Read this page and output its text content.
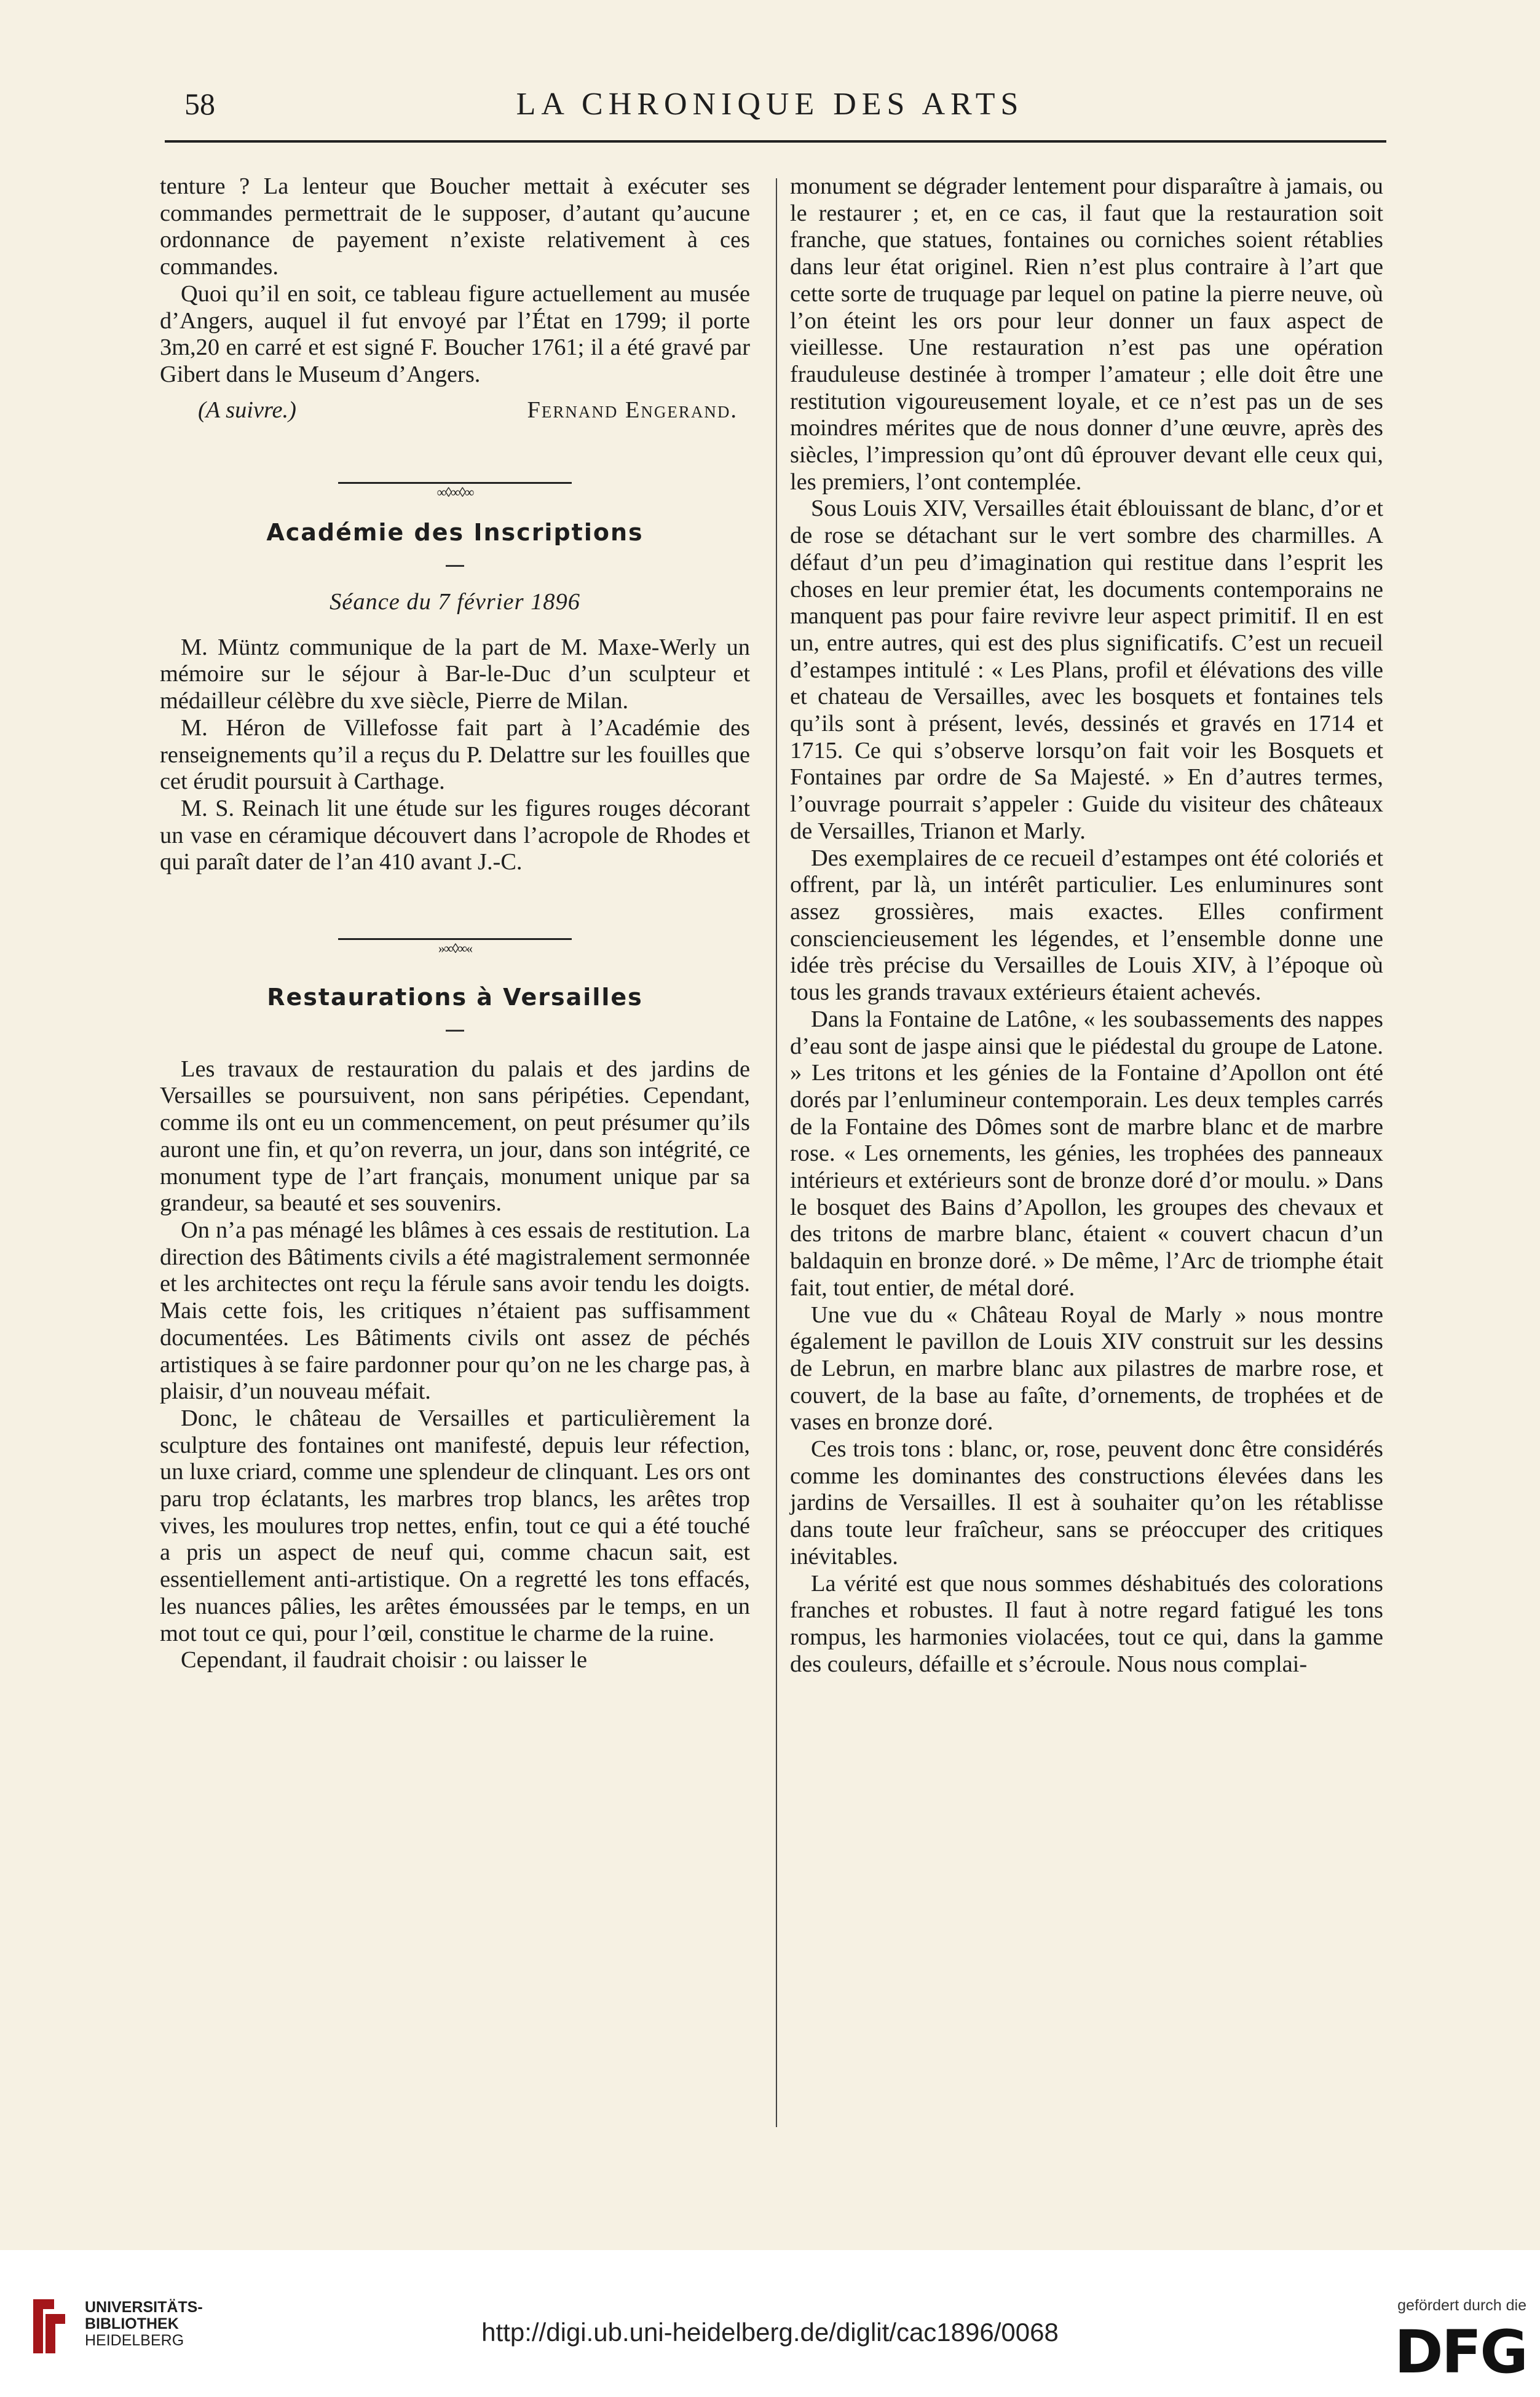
58	LA CHRONIQUE DES ARTS

tenture ? La lenteur que Boucher mettait à exécuter ses commandes permettrait de le supposer, d’autant qu’aucune ordonnance de payement n’existe relativement à ces commandes.

Quoi qu’il en soit, ce tableau figure actuellement au musée d’Angers, auquel il fut envoyé par l’État en 1799; il porte 3m,20 en carré et est signé F. Boucher 1761; il a été gravé par Gibert dans le Museum d’Angers.

(A suivre.)	Fernand Engerand.
∞◊∞◊∞
Académie des Inscriptions
Séance du 7 février 1896

M. Müntz communique de la part de M. Maxe-Werly un mémoire sur le séjour à Bar-le-Duc d’un sculpteur et médailleur célèbre du xve siècle, Pierre de Milan.

M. Héron de Villefosse fait part à l’Académie des renseignements qu’il a reçus du P. Delattre sur les fouilles que cet érudit poursuit à Carthage.

M. S. Reinach lit une étude sur les figures rouges décorant un vase en céramique découvert dans l’acropole de Rhodes et qui paraît dater de l’an 410 avant J.-C.

»∞◊∞«
Restaurations à Versailles

Les travaux de restauration du palais et des jardins de Versailles se poursuivent, non sans péripéties. Cependant, comme ils ont eu un commencement, on peut présumer qu’ils auront une fin, et qu’on reverra, un jour, dans son intégrité, ce monument type de l’art français, monument unique par sa grandeur, sa beauté et ses souvenirs.

On n’a pas ménagé les blâmes à ces essais de restitution. La direction des Bâtiments civils a été magistralement sermonnée et les architectes ont reçu la férule sans avoir tendu les doigts. Mais cette fois, les critiques n’étaient pas suffisamment documentées. Les Bâtiments civils ont assez de péchés artistiques à se faire pardonner pour qu’on ne les charge pas, à plaisir, d’un nouveau méfait.

Donc, le château de Versailles et particulièrement la sculpture des fontaines ont manifesté, depuis leur réfection, un luxe criard, comme une splendeur de clinquant. Les ors ont paru trop éclatants, les marbres trop blancs, les arêtes trop vives, les moulures trop nettes, enfin, tout ce qui a été touché a pris un aspect de neuf qui, comme chacun sait, est essentiellement anti-artistique. On a regretté les tons effacés, les nuances pâlies, les arêtes émoussées par le temps, en un mot tout ce qui, pour l’œil, constitue le charme de la ruine.

Cependant, il faudrait choisir : ou laisser le

monument se dégrader lentement pour disparaître à jamais, ou le restaurer ; et, en ce cas, il faut que la restauration soit franche, que statues, fontaines ou corniches soient rétablies dans leur état originel. Rien n’est plus contraire à l’art que cette sorte de truquage par lequel on patine la pierre neuve, où l’on éteint les ors pour leur donner un faux aspect de vieillesse. Une restauration n’est pas une opération frauduleuse destinée à tromper l’amateur ; elle doit être une restitution vigoureusement loyale, et ce n’est pas un de ses moindres mérites que de nous donner d’une œuvre, après des siècles, l’impression qu’ont dû éprouver devant elle ceux qui, les premiers, l’ont contemplée.

Sous Louis XIV, Versailles était éblouissant de blanc, d’or et de rose se détachant sur le vert sombre des charmilles. A défaut d’un peu d’imagination qui restitue dans l’esprit les choses en leur premier état, les documents contemporains ne manquent pas pour faire revivre leur aspect primitif. Il en est un, entre autres, qui est des plus significatifs. C’est un recueil d’estampes intitulé : « Les Plans, profil et élévations des ville et chateau de Versailles, avec les bosquets et fontaines tels qu’ils sont à présent, levés, dessinés et gravés en 1714 et 1715. Ce qui s’observe lorsqu’on fait voir les Bosquets et Fontaines par ordre de Sa Majesté. » En d’autres termes, l’ouvrage pourrait s’appeler : Guide du visiteur des châteaux de Versailles, Trianon et Marly.

Des exemplaires de ce recueil d’estampes ont été coloriés et offrent, par là, un intérêt particulier. Les enluminures sont assez grossières, mais exactes. Elles confirment consciencieusement les légendes, et l’ensemble donne une idée très précise du Versailles de Louis XIV, à l’époque où tous les grands travaux extérieurs étaient achevés.

Dans la Fontaine de Latône, « les soubassements des nappes d’eau sont de jaspe ainsi que le piédestal du groupe de Latone. » Les tritons et les génies de la Fontaine d’Apollon ont été dorés par l’enlumineur contemporain. Les deux temples carrés de la Fontaine des Dômes sont de marbre blanc et de marbre rose. « Les ornements, les génies, les trophées des panneaux intérieurs et extérieurs sont de bronze doré d’or moulu. » Dans le bosquet des Bains d’Apollon, les groupes des chevaux et des tritons de marbre blanc, étaient « couvert chacun d’un baldaquin en bronze doré. » De même, l’Arc de triomphe était fait, tout entier, de métal doré.

Une vue du « Château Royal de Marly » nous montre également le pavillon de Louis XIV construit sur les dessins de Lebrun, en marbre blanc aux pilastres de marbre rose, et couvert, de la base au faîte, d’ornements, de trophées et de vases en bronze doré.

Ces trois tons : blanc, or, rose, peuvent donc être considérés comme les dominantes des constructions élevées dans les jardins de Versailles. Il est à souhaiter qu’on les rétablisse dans toute leur fraîcheur, sans se préoccuper des critiques inévitables.

La vérité est que nous sommes déshabitués des colorations franches et robustes. Il faut à notre regard fatigué les tons rompus, les harmonies violacées, tout ce qui, dans la gamme des couleurs, défaille et s’écroule. Nous nous complai-

UNIVERSITÄTS-
BIBLIOTHEK
HEIDELBERG	http://digi.ub.uni-heidelberg.de/diglit/cac1896/0068
gefördert durch die
DFG
